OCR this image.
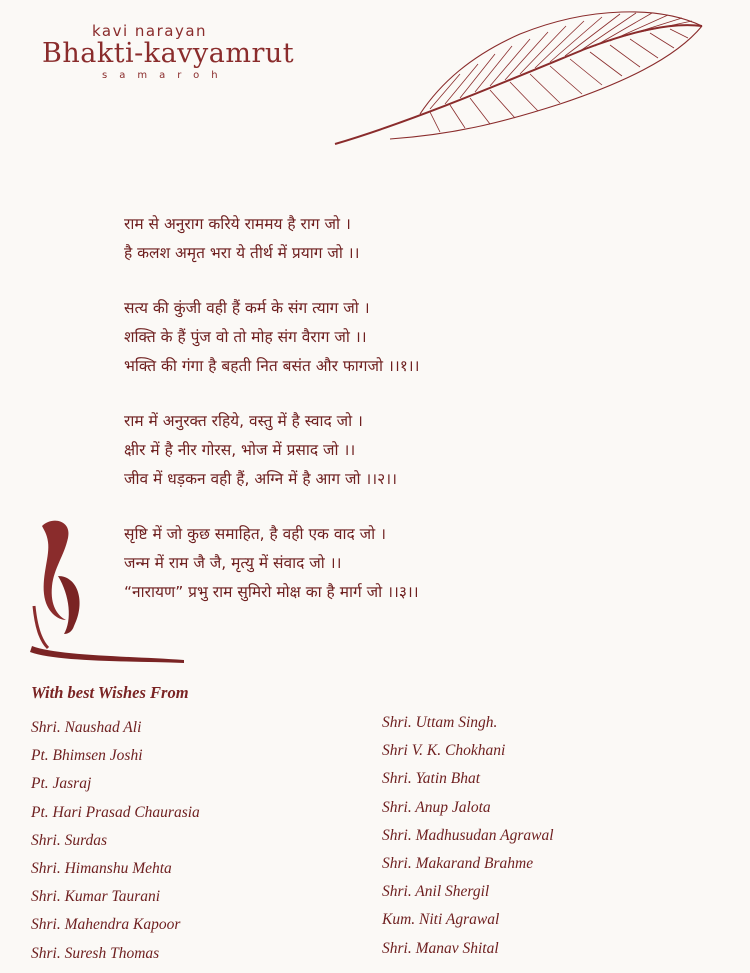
kavi narayan
Bhakti-kavyamrut
samaroh
राम से अनुराग करिये राममय है राग जो ।
है कलश अमृत भरा ये तीर्थ में प्रयाग जो ।।
सत्य की कुंजी वही हैं कर्म के संग त्याग जो ।
शक्ति के हैं पुंज वो तो मोह संग वैराग जो ।।
भक्ति की गंगा है बहती नित बसंत और फागजो ।।१।।
राम में अनुरक्त रहिये, वस्तु में है स्वाद जो ।
क्षीर में है नीर गोरस, भोज में प्रसाद जो ।।
जीव में धड़कन वही हैं, अग्नि में है आग जो ।।२।।
सृष्टि में जो कुछ समाहित, है वही एक वाद जो ।
जन्म में राम जै जै, मृत्यु में संवाद जो ।।
“नारायण” प्रभु राम सुमिरो मोक्ष का है मार्ग जो ।।३।।
With best Wishes From
Shri. Naushad Ali
Pt. Bhimsen Joshi
Pt. Jasraj
Pt. Hari Prasad Chaurasia
Shri. Surdas
Shri. Himanshu Mehta
Shri. Kumar Taurani
Shri. Mahendra Kapoor
Shri. Suresh Thomas
Shri. Uttam Singh.
Shri V. K. Chokhani
Shri. Yatin Bhat
Shri. Anup Jalota
Shri. Madhusudan Agrawal
Shri. Makarand Brahme
Shri. Anil Shergil
Kum. Niti Agrawal
Shri. Manav Shital
